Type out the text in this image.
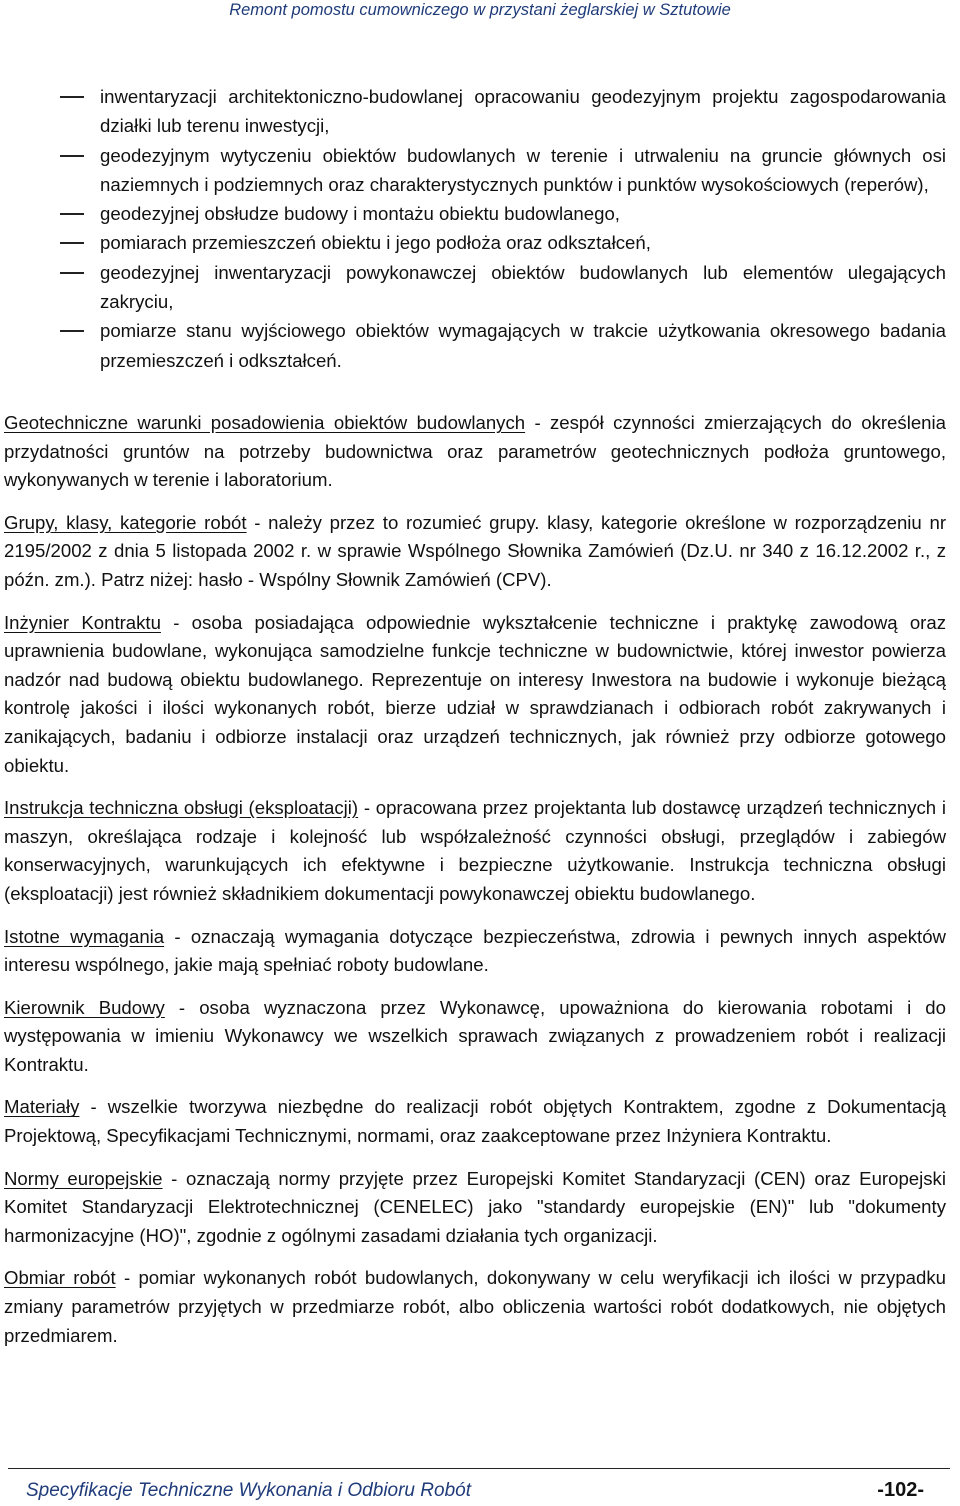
Remont pomostu cumowniczego w przystani żeglarskiej w Sztutowie
inwentaryzacji architektoniczno-budowlanej opracowaniu geodezyjnym projektu zagospodarowania działki lub terenu inwestycji,
geodezyjnym wytyczeniu obiektów budowlanych w terenie i utrwaleniu na gruncie głównych osi naziemnych i podziemnych oraz charakterystycznych punktów i punktów wysokościowych (reperów),
geodezyjnej obsłudze budowy i montażu obiektu budowlanego,
pomiarach przemieszczeń obiektu i jego podłoża oraz odkształceń,
geodezyjnej inwentaryzacji powykonawczej obiektów budowlanych lub elementów ulegających zakryciu,
pomiarze stanu wyjściowego obiektów wymagających w trakcie użytkowania okresowego badania przemieszczeń i odkształceń.

Geotechniczne warunki posadowienia obiektów budowlanych - zespół czynności zmierzających do określenia przydatności gruntów na potrzeby budownictwa oraz parametrów geotechnicznych podłoża gruntowego, wykonywanych w terenie i laboratorium.

Grupy, klasy, kategorie robót - należy przez to rozumieć grupy. klasy, kategorie określone w rozporządzeniu nr 2195/2002 z dnia 5 listopada 2002 r. w sprawie Wspólnego Słownika Zamówień (Dz.U. nr 340 z 16.12.2002 r., z późn. zm.). Patrz niżej: hasło - Wspólny Słownik Zamówień (CPV).

Inżynier Kontraktu - osoba posiadająca odpowiednie wykształcenie techniczne i praktykę zawodową oraz uprawnienia budowlane, wykonująca samodzielne funkcje techniczne w budownictwie, której inwestor powierza nadzór nad budową obiektu budowlanego. Reprezentuje on interesy Inwestora na budowie i wykonuje bieżącą kontrolę jakości i ilości wykonanych robót, bierze udział w sprawdzianach i odbiorach robót zakrywanych i zanikających, badaniu i odbiorze instalacji oraz urządzeń technicznych, jak również przy odbiorze gotowego obiektu.

Instrukcja techniczna obsługi (eksploatacji) - opracowana przez projektanta lub dostawcę urządzeń technicznych i maszyn, określająca rodzaje i kolejność lub współzależność czynności obsługi, przeglądów i zabiegów konserwacyjnych, warunkujących ich efektywne i bezpieczne użytkowanie. Instrukcja techniczna obsługi (eksploatacji) jest również składnikiem dokumentacji powykonawczej obiektu budowlanego.

Istotne wymagania - oznaczają wymagania dotyczące bezpieczeństwa, zdrowia i pewnych innych aspektów interesu wspólnego, jakie mają spełniać roboty budowlane.

Kierownik Budowy - osoba wyznaczona przez Wykonawcę, upoważniona do kierowania robotami i do występowania w imieniu Wykonawcy we wszelkich sprawach związanych z prowadzeniem robót i realizacji Kontraktu.

Materiały - wszelkie tworzywa niezbędne do realizacji robót objętych Kontraktem, zgodne z Dokumentacją Projektową, Specyfikacjami Technicznymi, normami, oraz zaakceptowane przez Inżyniera Kontraktu.

Normy europejskie - oznaczają normy przyjęte przez Europejski Komitet Standaryzacji (CEN) oraz Europejski Komitet Standaryzacji Elektrotechnicznej (CENELEC) jako "standardy europejskie (EN)" lub "dokumenty harmonizacyjne (HO)", zgodnie z ogólnymi zasadami działania tych organizacji.

Obmiar robót - pomiar wykonanych robót budowlanych, dokonywany w celu weryfikacji ich ilości w przypadku zmiany parametrów przyjętych w przedmiarze robót, albo obliczenia wartości robót dodatkowych, nie objętych przedmiarem.

Specyfikacje Techniczne Wykonania i Odbioru Robót	-102-
